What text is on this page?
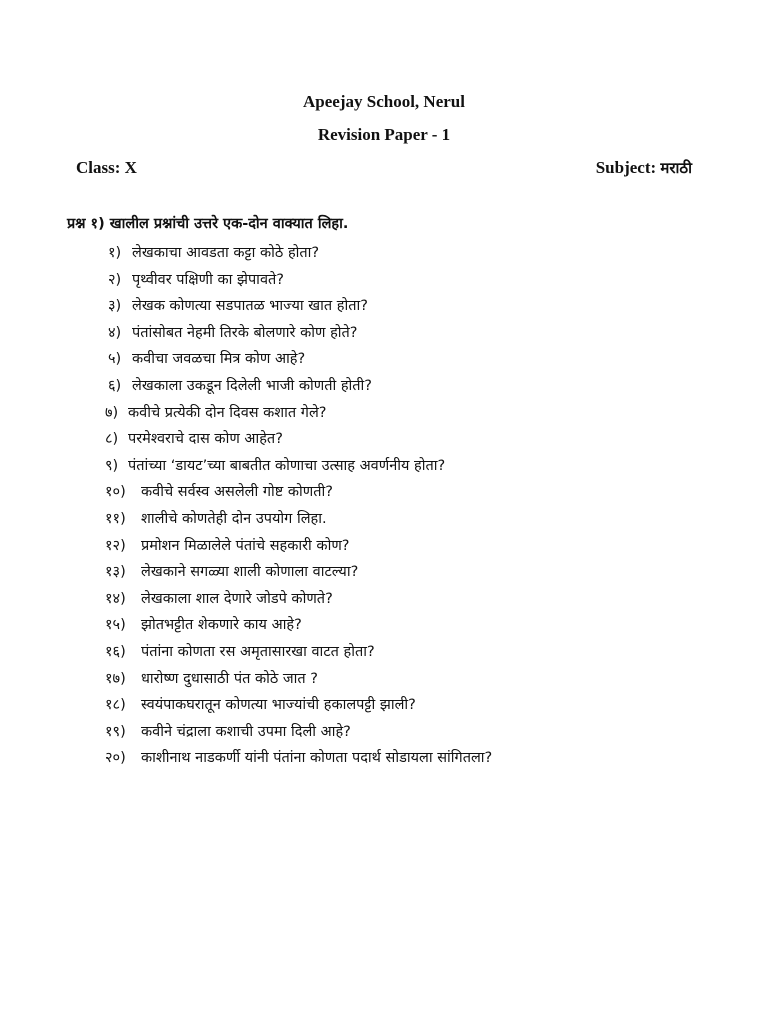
Apeejay School, Nerul
Revision Paper - 1
Class: X	Subject: मराठी
प्रश्न १) खालील प्रश्नांची उत्तरे एक-दोन वाक्यात लिहा.
१) लेखकाचा आवडता कट्टा कोठे होता?
२) पृथ्वीवर पक्षिणी का झेपावते?
३) लेखक कोणत्या सडपातळ भाज्या खात होता?
४) पंतांसोबत नेहमी तिरके बोलणारे कोण होते?
५) कवीचा जवळचा मित्र कोण आहे?
६) लेखकाला उकडून दिलेली भाजी कोणती होती?
७) कवीचे प्रत्येकी दोन दिवस कशात गेले?
८) परमेश्वराचे दास कोण आहेत?
९) पंतांच्या ‘डायट’च्या बाबतीत कोणाचा उत्साह अवर्णनीय होता?
१०) कवीचे सर्वस्व असलेली गोष्ट कोणती?
११) शालीचे कोणतेही दोन उपयोग लिहा.
१२) प्रमोशन मिळालेले पंतांचे सहकारी कोण?
१३) लेखकाने सगळ्या शाली कोणाला वाटल्या?
१४) लेखकाला शाल देणारे जोडपे कोणते?
१५) झोतभट्टीत शेकणारे काय आहे?
१६) पंतांना कोणता रस अमृतासारखा वाटत होता?
१७) धारोष्ण दुधासाठी पंत कोठे जात ?
१८) स्वयंपाकघरातून कोणत्या भाज्यांची हकालपट्टी झाली?
१९) कवीने चंद्राला कशाची उपमा दिली आहे?
२०) काशीनाथ नाडकर्णी यांनी पंतांना कोणता पदार्थ सोडायला सांगितला?
